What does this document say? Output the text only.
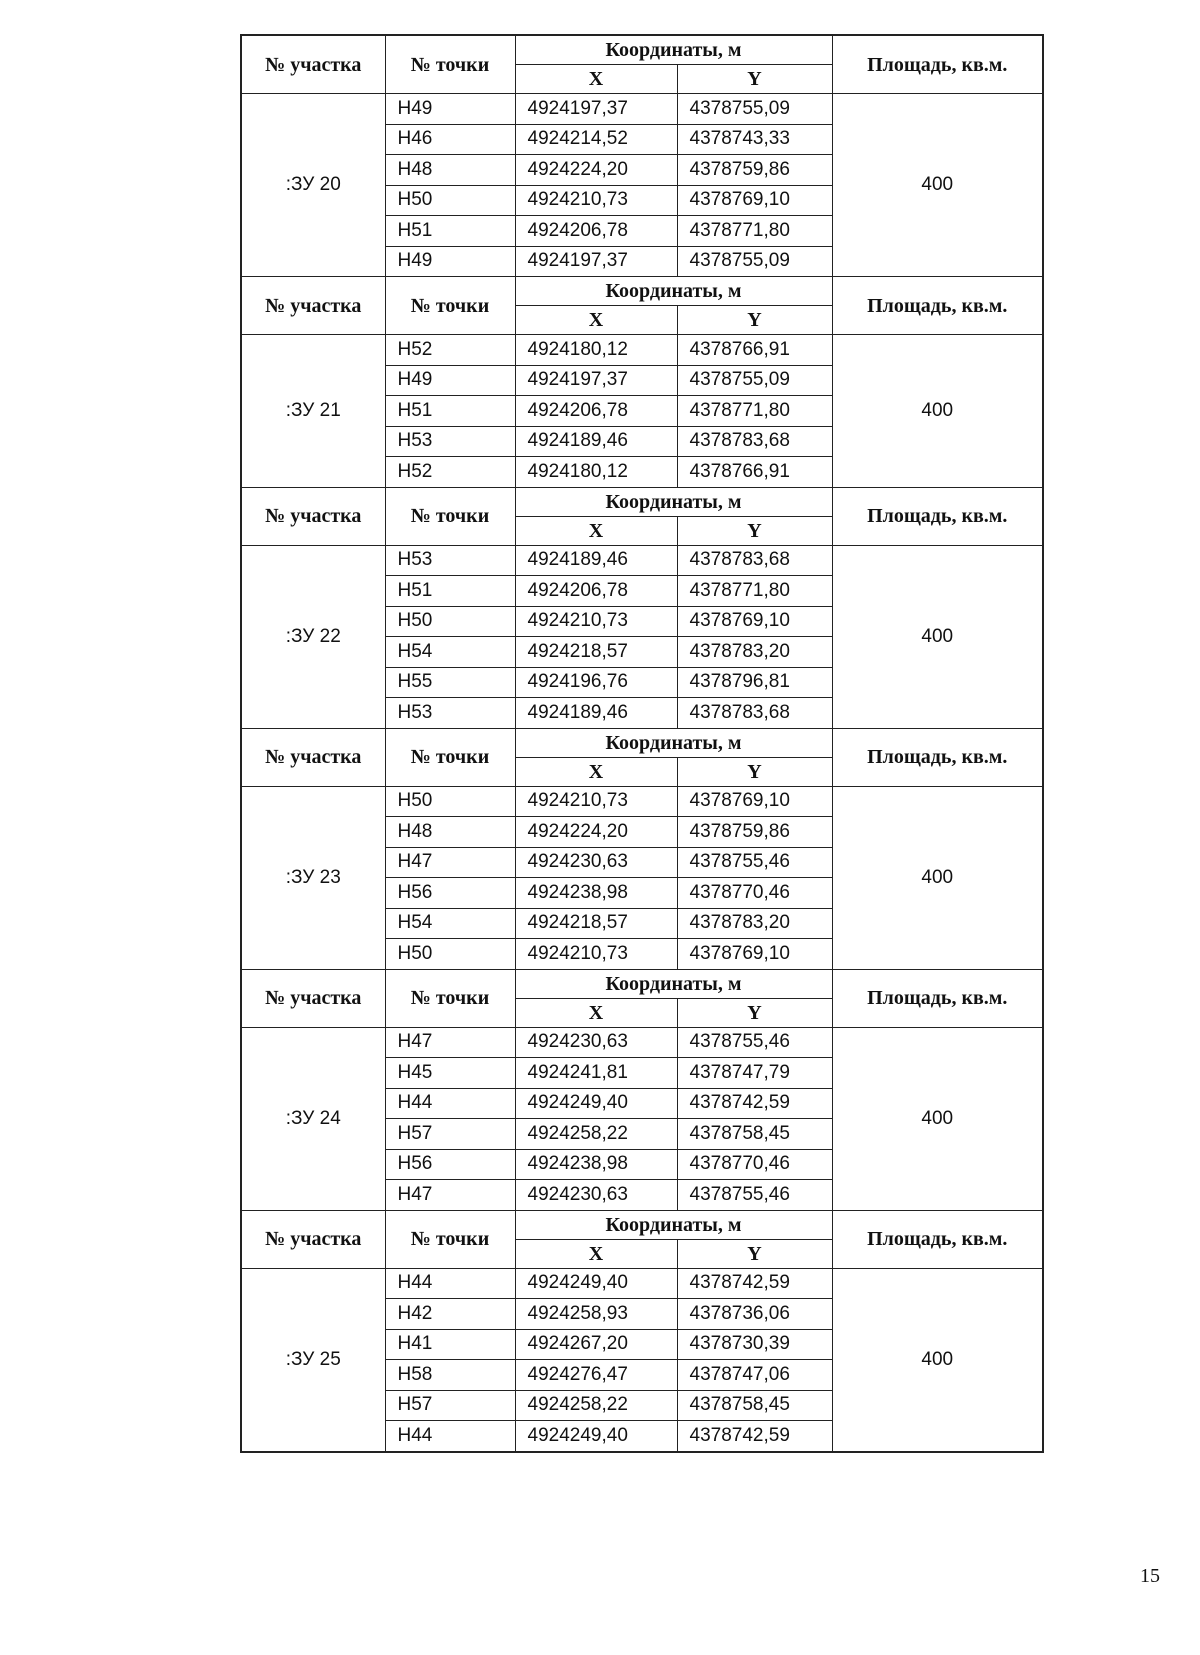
№ участка	№ точки	Координаты, м		Площадь, кв.м.
		X	Y	
:ЗУ 20	Н49	4924197,37	4378755,09	400
	Н46	4924214,52	4378743,33	
	Н48	4924224,20	4378759,86	
	Н50	4924210,73	4378769,10	
	Н51	4924206,78	4378771,80	
	Н49	4924197,37	4378755,09	
№ участка	№ точки	Координаты, м		Площадь, кв.м.
		X	Y	
:ЗУ 21	Н52	4924180,12	4378766,91	400
	Н49	4924197,37	4378755,09	
	Н51	4924206,78	4378771,80	
	Н53	4924189,46	4378783,68	
	Н52	4924180,12	4378766,91	
№ участка	№ точки	Координаты, м		Площадь, кв.м.
		X	Y	
:ЗУ 22	Н53	4924189,46	4378783,68	400
	Н51	4924206,78	4378771,80	
	Н50	4924210,73	4378769,10	
	Н54	4924218,57	4378783,20	
	Н55	4924196,76	4378796,81	
	Н53	4924189,46	4378783,68	
№ участка	№ точки	Координаты, м		Площадь, кв.м.
		X	Y	
:ЗУ 23	Н50	4924210,73	4378769,10	400
	Н48	4924224,20	4378759,86	
	Н47	4924230,63	4378755,46	
	Н56	4924238,98	4378770,46	
	Н54	4924218,57	4378783,20	
	Н50	4924210,73	4378769,10	
№ участка	№ точки	Координаты, м		Площадь, кв.м.
		X	Y	
:ЗУ 24	Н47	4924230,63	4378755,46	400
	Н45	4924241,81	4378747,79	
	Н44	4924249,40	4378742,59	
	Н57	4924258,22	4378758,45	
	Н56	4924238,98	4378770,46	
	Н47	4924230,63	4378755,46	
№ участка	№ точки	Координаты, м		Площадь, кв.м.
		X	Y	
:ЗУ 25	Н44	4924249,40	4378742,59	400
	Н42	4924258,93	4378736,06	
	Н41	4924267,20	4378730,39	
	Н58	4924276,47	4378747,06	
	Н57	4924258,22	4378758,45	
	Н44	4924249,40	4378742,59	
15
